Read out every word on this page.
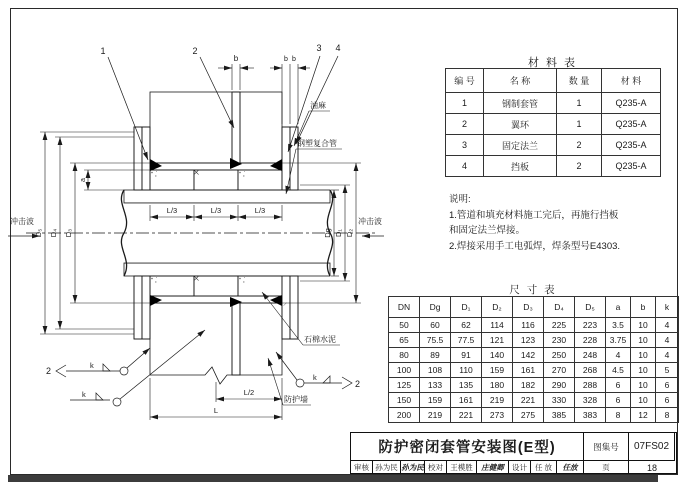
L/3	L/3	L/3
L/2
L
D₅ D₄ D₃
a
Dg D₁ D₂
b	b b
1	2	3 4
油麻
钢塑复合管
石棉水泥
防护墙
冲击波	冲击波
2
k
k
k
2
材 料 表
编 号	名 称	数 量	材 料
1	钢制套管	1	Q235-A
2	翼环	1	Q235-A
3	固定法兰	2	Q235-A
4	挡板	2	Q235-A
说明:
1.管道和填充材料施工完后，再施行挡板
和固定法兰焊接。
2.焊接采用手工电弧焊，焊条型号E4303.
尺 寸 表
DN	Dg	D₁	D₂	D₃	D₄	D₅	a	b	k
50	60	62	114	116	225	223	3.5	10	4
65	75.5	77.5	121	123	230	228	3.75	10	4
80	89	91	140	142	250	248	4	10	4
100	108	110	159	161	270	268	4.5	10	5
125	133	135	180	182	290	288	6	10	6
150	159	161	219	221	330	328	6	10	6
200	219	221	273	275	385	383	8	12	8
防护密闭套管安装图(E型)	图集号	07FS02
审核 孙为民 孙为民 校对 王模胜	庄健卿	设计	任 放	任放	页	18
